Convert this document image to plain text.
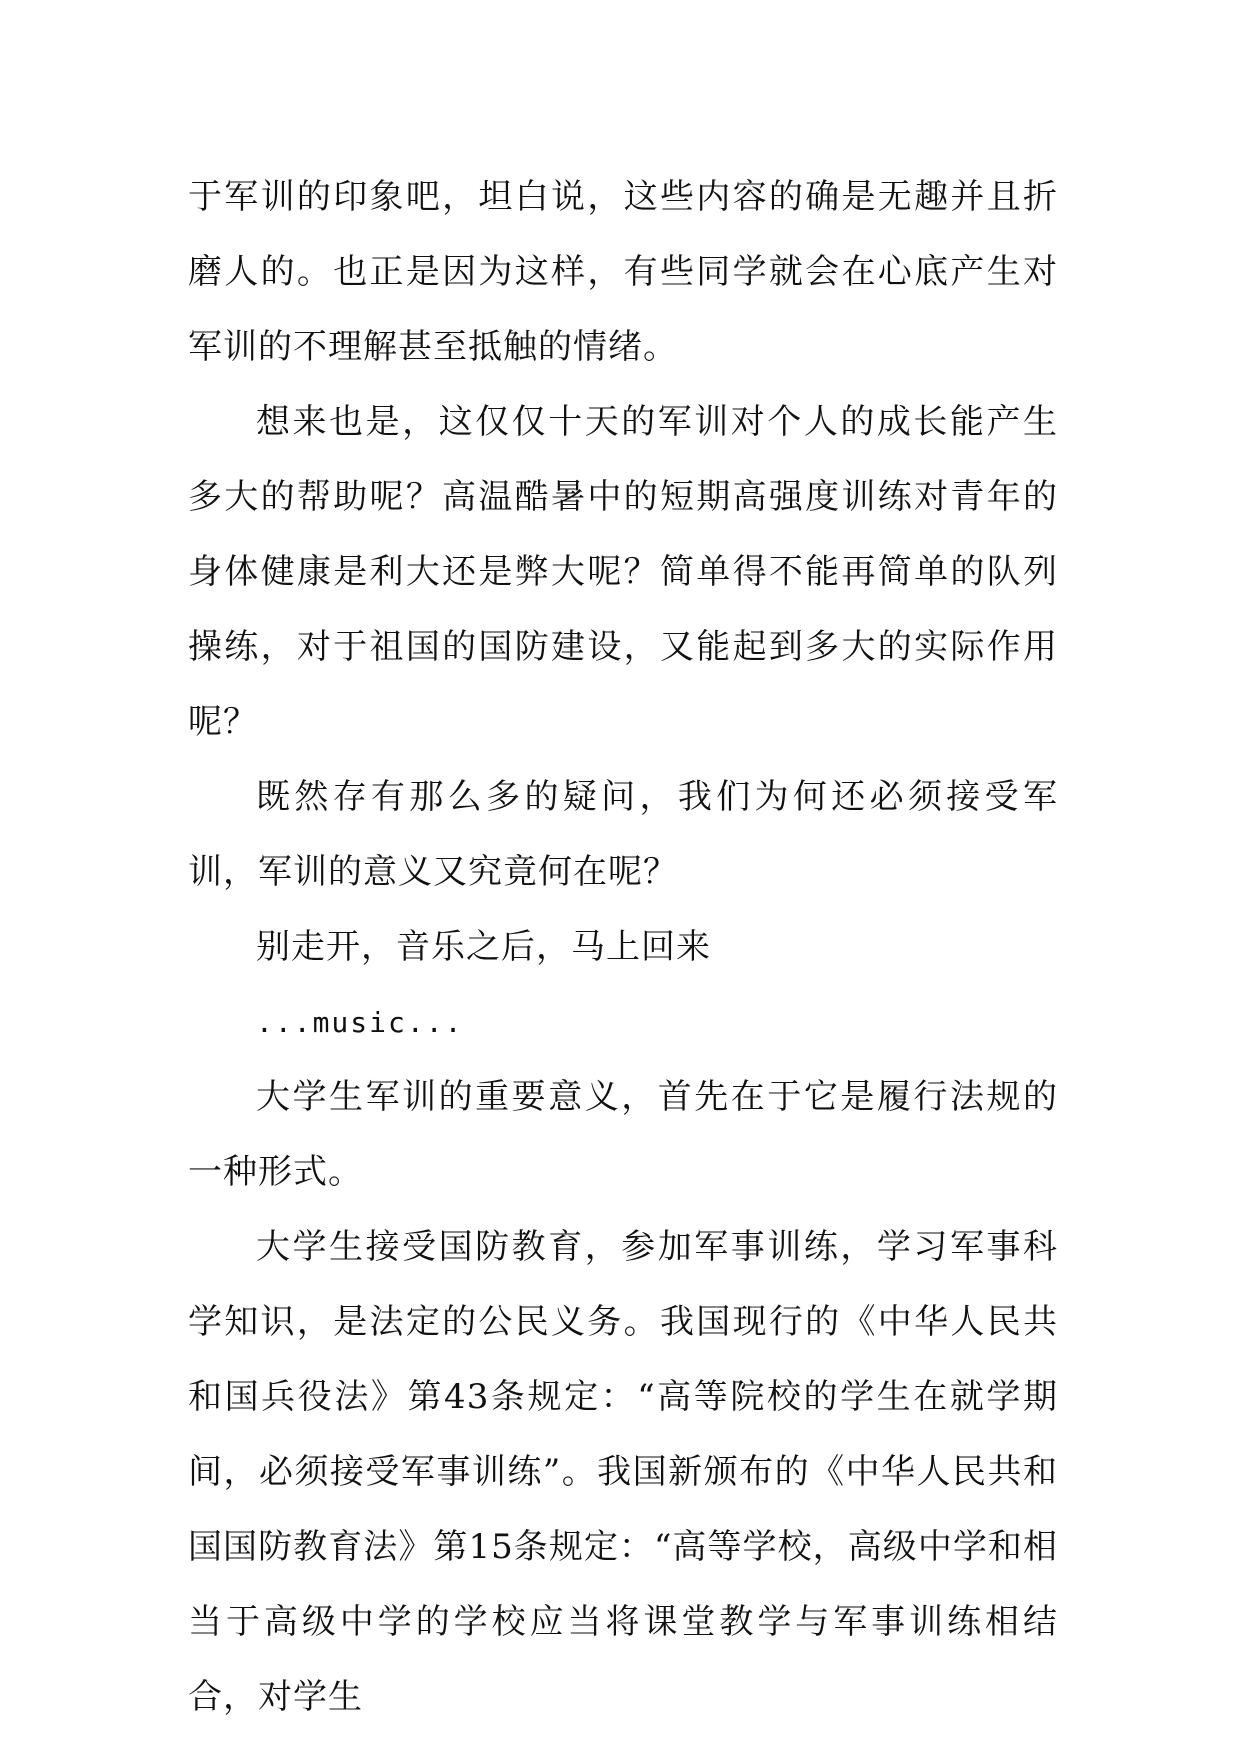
于军训的印象吧，坦白说，这些内容的确是无趣并且折磨人的。也正是因为这样，有些同学就会在心底产生对军训的不理解甚至抵触的情绪。

想来也是，这仅仅十天的军训对个人的成长能产生多大的帮助呢？高温酷暑中的短期高强度训练对青年的身体健康是利大还是弊大呢？简单得不能再简单的队列操练，对于祖国的国防建设，又能起到多大的实际作用呢？

既然存有那么多的疑问，我们为何还必须接受军训，军训的意义又究竟何在呢？

别走开，音乐之后，马上回来

...music...

大学生军训的重要意义，首先在于它是履行法规的一种形式。

大学生接受国防教育，参加军事训练，学习军事科学知识，是法定的公民义务。我国现行的《中华人民共和国兵役法》第43条规定：“高等院校的学生在就学期间，必须接受军事训练”。我国新颁布的《中华人民共和国国防教育法》第15条规定：“高等学校，高级中学和相当于高级中学的学校应当将课堂教学与军事训练相结合，对学生
